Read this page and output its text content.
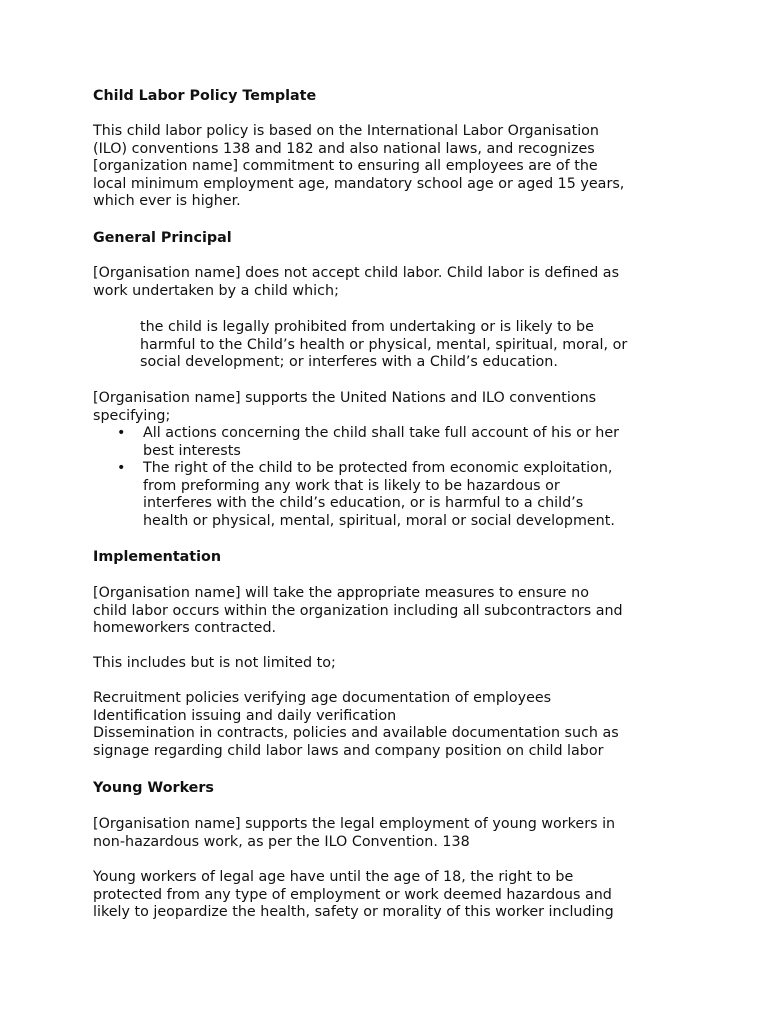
Child Labor Policy Template

This child labor policy is based on the International Labor Organisation

(ILO) conventions 138 and 182 and also national laws, and recognizes

[organization name] commitment to ensuring all employees are of the

local minimum employment age, mandatory school age or aged 15 years,

which ever is higher.

General Principal

[Organisation name] does not accept child labor. Child labor is defined as

work undertaken by a child which;

the child is legally prohibited from undertaking or is likely to be

harmful to the Child’s health or physical, mental, spiritual, moral, or

social development; or interferes with a Child’s education.

[Organisation name] supports the United Nations and ILO conventions

specifying;

• All actions concerning the child shall take full account of his or her

best interests

• The right of the child to be protected from economic exploitation,

from preforming any work that is likely to be hazardous or

interferes with the child’s education, or is harmful to a child’s

health or physical, mental, spiritual, moral or social development.

Implementation

[Organisation name] will take the appropriate measures to ensure no

child labor occurs within the organization including all subcontractors and

homeworkers contracted.

This includes but is not limited to;

Recruitment policies verifying age documentation of employees

Identification issuing and daily verification

Dissemination in contracts, policies and available documentation such as

signage regarding child labor laws and company position on child labor

Young Workers

[Organisation name] supports the legal employment of young workers in

non-hazardous work, as per the ILO Convention. 138

Young workers of legal age have until the age of 18, the right to be

protected from any type of employment or work deemed hazardous and

likely to jeopardize the health, safety or morality of this worker including
